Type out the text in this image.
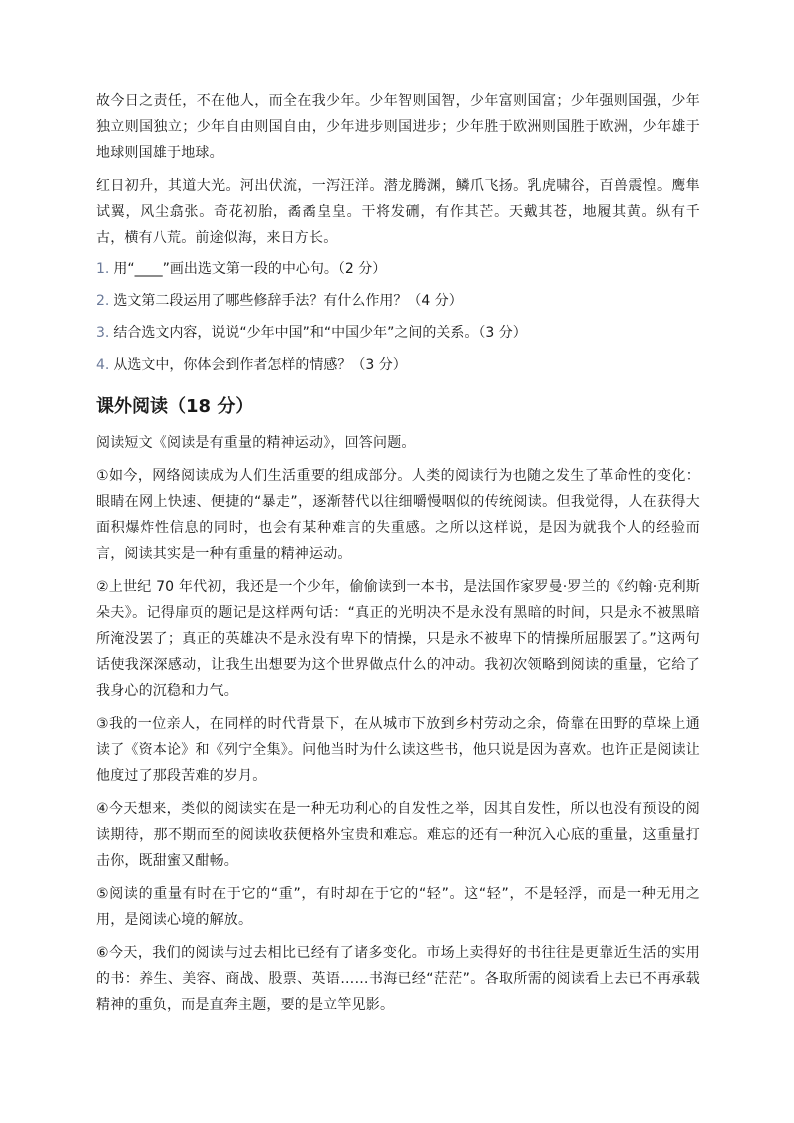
故今日之责任，不在他人，而全在我少年。少年智则国智，少年富则国富；少年强则国强，少年独立则国独立；少年自由则国自由，少年进步则国进步；少年胜于欧洲则国胜于欧洲，少年雄于地球则国雄于地球。

红日初升，其道大光。河出伏流，一泻汪洋。潜龙腾渊，鳞爪飞扬。乳虎啸谷，百兽震惶。鹰隼试翼，风尘翕张。奇花初胎，矞矞皇皇。干将发硎，有作其芒。天戴其苍，地履其黄。纵有千古，横有八荒。前途似海，来日方长。

1. 用“____”画出选文第一段的中心句。（2 分）
2. 选文第二段运用了哪些修辞手法？有什么作用？（4 分）
3. 结合选文内容，说说“少年中国”和“中国少年”之间的关系。（3 分）
4. 从选文中，你体会到作者怎样的情感？（3 分）
课外阅读（18 分）

阅读短文《阅读是有重量的精神运动》，回答问题。

①如今，网络阅读成为人们生活重要的组成部分。人类的阅读行为也随之发生了革命性的变化：眼睛在网上快速、便捷的“暴走”，逐渐替代以往细嚼慢咽似的传统阅读。但我觉得，人在获得大面积爆炸性信息的同时，也会有某种难言的失重感。之所以这样说，是因为就我个人的经验而言，阅读其实是一种有重量的精神运动。

②上世纪 70 年代初，我还是一个少年，偷偷读到一本书，是法国作家罗曼·罗兰的《约翰·克利斯朵夫》。记得扉页的题记是这样两句话：“真正的光明决不是永没有黑暗的时间，只是永不被黑暗所淹没罢了；真正的英雄决不是永没有卑下的情操，只是永不被卑下的情操所屈服罢了。”这两句话使我深深感动，让我生出想要为这个世界做点什么的冲动。我初次领略到阅读的重量，它给了我身心的沉稳和力气。

③我的一位亲人，在同样的时代背景下，在从城市下放到乡村劳动之余，倚靠在田野的草垛上通读了《资本论》和《列宁全集》。问他当时为什么读这些书，他只说是因为喜欢。也许正是阅读让他度过了那段苦难的岁月。

④今天想来，类似的阅读实在是一种无功利心的自发性之举，因其自发性，所以也没有预设的阅读期待，那不期而至的阅读收获便格外宝贵和难忘。难忘的还有一种沉入心底的重量，这重量打击你，既甜蜜又酣畅。

⑤阅读的重量有时在于它的“重”，有时却在于它的“轻”。这“轻”，不是轻浮，而是一种无用之用，是阅读心境的解放。

⑥今天，我们的阅读与过去相比已经有了诸多变化。市场上卖得好的书往往是更靠近生活的实用的书：养生、美容、商战、股票、英语……书海已经“茫茫”。各取所需的阅读看上去已不再承载精神的重负，而是直奔主题，要的是立竿见影。
